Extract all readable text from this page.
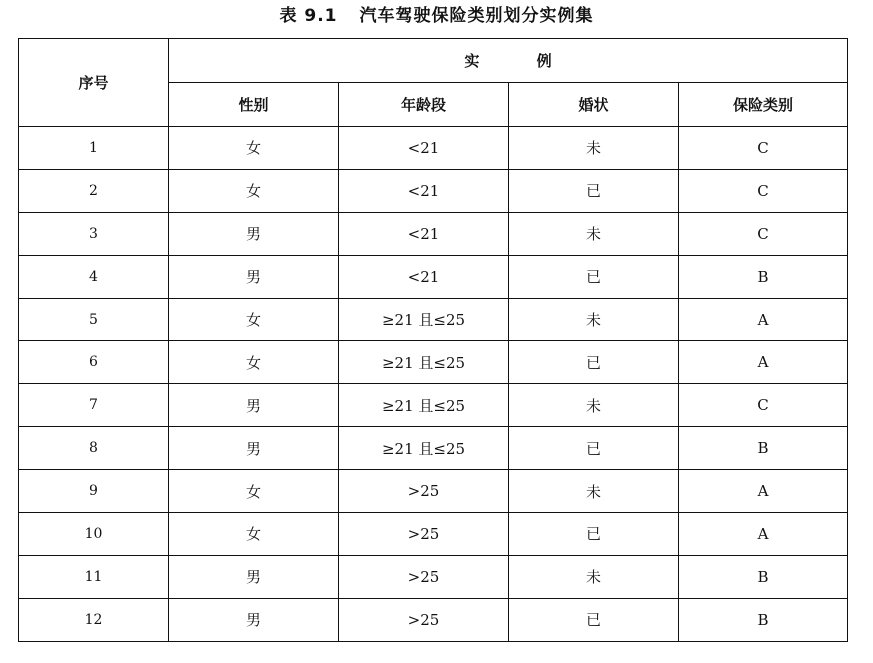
表 9.1 汽车驾驶保险类别划分实例集
序号	实 例			
	性别	年龄段	婚状	保险类别
1	女	<21	未	C
2	女	<21	已	C
3	男	<21	未	C
4	男	<21	已	B
5	女	≥21 且≤25	未	A
6	女	≥21 且≤25	已	A
7	男	≥21 且≤25	未	C
8	男	≥21 且≤25	已	B
9	女	>25	未	A
10	女	>25	已	A
11	男	>25	未	B
12	男	>25	已	B
